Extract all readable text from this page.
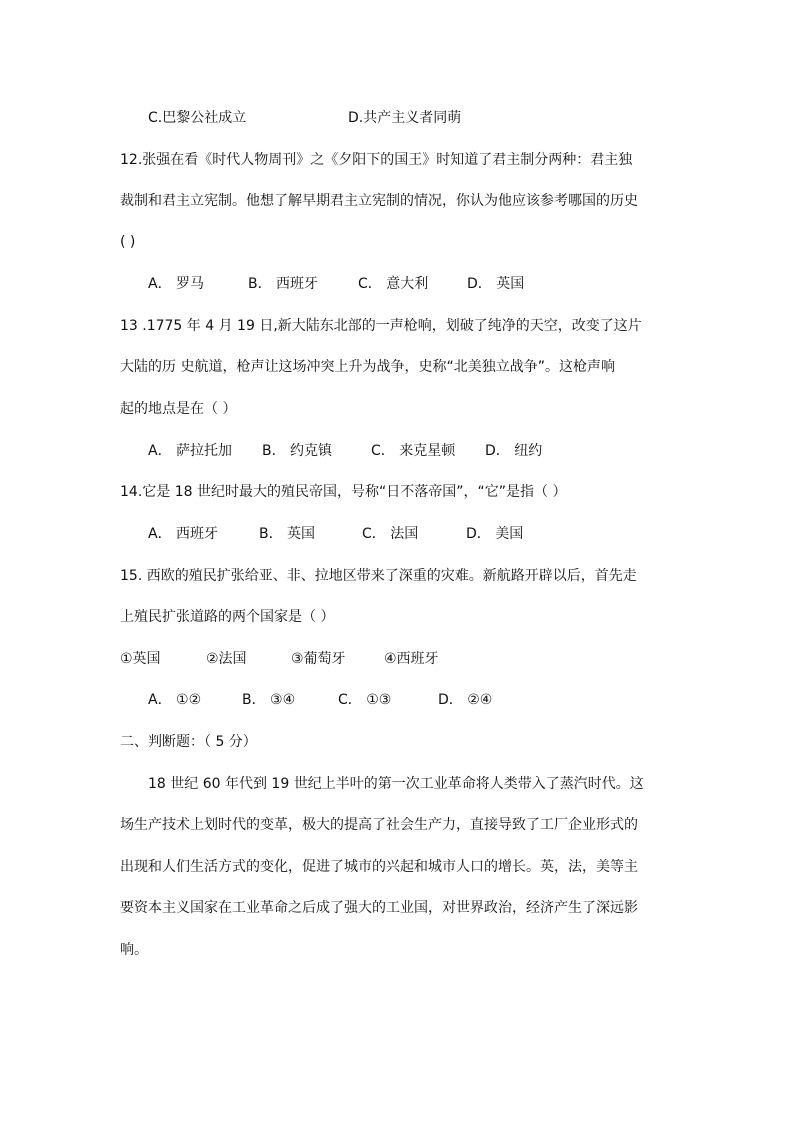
C.巴黎公社成立	D.共产主义者同萌
12.张强在看《时代人物周刊》之《夕阳下的国王》时知道了君主制分两种：君主独
裁制和君主立宪制。他想了解早期君主立宪制的情况，你认为他应该参考哪国的历史
( )
A． 罗马	B． 西班牙	C． 意大利	D． 英国
13 .1775 年 4 月 19 日,新大陆东北部的一声枪响，划破了纯净的天空，改变了这片
大陆的历 史航道，枪声让这场冲突上升为战争，史称“北美独立战争”。这枪声响
起的地点是在（ ）
A． 萨拉托加 B． 约克镇	C． 来克星顿 D． 纽约
14.它是 18 世纪时最大的殖民帝国，号称“日不落帝国”，“它”是指（ ）
A． 西班牙	B． 英国	C． 法国	D． 美国
15. 西欧的殖民扩张给亚、非、拉地区带来了深重的灾难。新航路开辟以后，首先走
上殖民扩张道路的两个国家是（ ）
①英国	②法国	③葡萄牙	④西班牙
A． ①②	B． ③④	C． ①③	D． ②④
二、判断题：（ 5 分）
18 世纪 60 年代到 19 世纪上半叶的第一次工业革命将人类带入了蒸汽时代。这
场生产技术上划时代的变革，极大的提高了社会生产力，直接导致了工厂企业形式的
出现和人们生活方式的变化，促进了城市的兴起和城市人口的增长。英，法，美等主
要资本主义国家在工业革命之后成了强大的工业国，对世界政治，经济产生了深远影
响。
